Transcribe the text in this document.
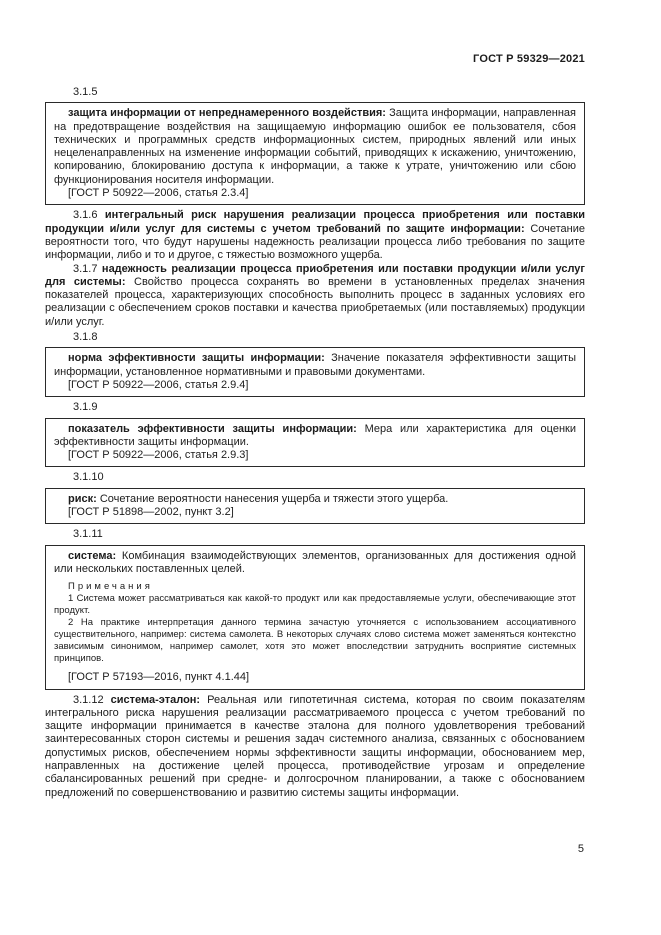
ГОСТ Р 59329—2021

3.1.5

защита информации от непреднамеренного воздействия: Защита информации, направленная на предотвращение воздействия на защищаемую информацию ошибок ее пользователя, сбоя технических и программных средств информационных систем, природных явлений или иных нецеленаправленных на изменение информации событий, приводящих к искажению, уничтожению, копированию, блокированию доступа к информации, а также к утрате, уничтожению или сбою функционирования носителя информации.

[ГОСТ Р 50922—2006, статья 2.3.4]

3.1.6 интегральный риск нарушения реализации процесса приобретения или поставки продукции и/или услуг для системы с учетом требований по защите информации: Сочетание вероятности того, что будут нарушены надежность реализации процесса либо требования по защите информации, либо и то и другое, с тяжестью возможного ущерба.

3.1.7 надежность реализации процесса приобретения или поставки продукции и/или услуг для системы: Свойство процесса сохранять во времени в установленных пределах значения показателей процесса, характеризующих способность выполнить процесс в заданных условиях его реализации с обеспечением сроков поставки и качества приобретаемых (или поставляемых) продукции и/или услуг.

3.1.8

норма эффективности защиты информации: Значение показателя эффективности защиты информации, установленное нормативными и правовыми документами.

[ГОСТ Р 50922—2006, статья 2.9.4]

3.1.9

показатель эффективности защиты информации: Мера или характеристика для оценки эффективности защиты информации.

[ГОСТ Р 50922—2006, статья 2.9.3]

3.1.10

риск: Сочетание вероятности нанесения ущерба и тяжести этого ущерба.

[ГОСТ Р 51898—2002, пункт 3.2]

3.1.11

система: Комбинация взаимодействующих элементов, организованных для достижения одной или нескольких поставленных целей.

Примечания

1 Система может рассматриваться как какой-то продукт или как предоставляемые услуги, обеспечивающие этот продукт.

2 На практике интерпретация данного термина зачастую уточняется с использованием ассоциативного существительного, например: система самолета. В некоторых случаях слово система может заменяться контекстно зависимым синонимом, например самолет, хотя это может впоследствии затруднить восприятие системных принципов.

[ГОСТ Р 57193—2016, пункт 4.1.44]

3.1.12 система-эталон: Реальная или гипотетичная система, которая по своим показателям интегрального риска нарушения реализации рассматриваемого процесса с учетом требований по защите информации принимается в качестве эталона для полного удовлетворения требований заинтересованных сторон системы и решения задач системного анализа, связанных с обоснованием допустимых рисков, обеспечением нормы эффективности защиты информации, обоснованием мер, направленных на достижение целей процесса, противодействие угрозам и определение сбалансированных решений при средне- и долгосрочном планировании, а также с обоснованием предложений по совершенствованию и развитию системы защиты информации.

5
